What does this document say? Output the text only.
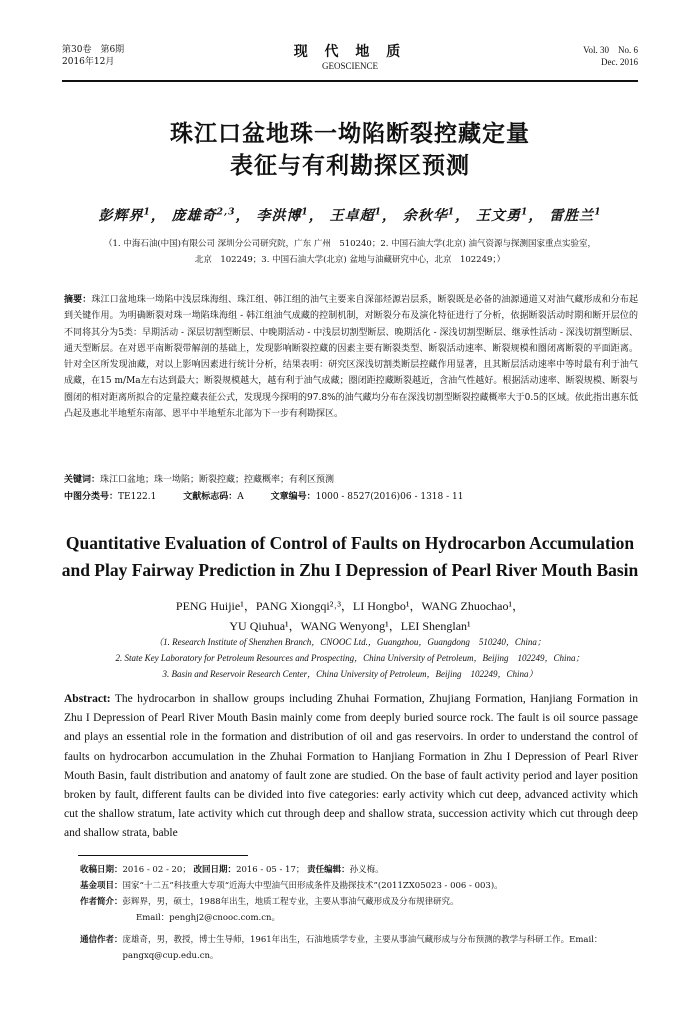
第30卷　第6期
2016年12月
现 代 地 质
GEOSCIENCE
Vol. 30　No. 6
Dec. 2016
珠江口盆地珠一坳陷断裂控藏定量
表征与有利勘探区预测
彭辉界$^1$， 庞雄奇$^{2,3}$， 李洪博$^1$， 王卓超$^1$， 余秋华$^1$， 王文勇$^1$， 雷胜兰$^1$
（1. 中海石油(中国)有限公司 深圳分公司研究院，广东 广州　510240；2. 中国石油大学(北京) 油气资源与探测国家重点实验室，
北京　102249；3. 中国石油大学(北京) 盆地与油藏研究中心，北京　102249；）
摘要：珠江口盆地珠一坳陷中浅层珠海组、珠江组、韩江组的油气主要来自深部烃源岩层系，断裂既是必备的油源通道又对油气藏形成和分布起到关键作用。为明确断裂对珠一坳陷珠海组 - 韩江组油气成藏的控制机制，对断裂分布及演化特征进行了分析，依据断裂活动时期和断开层位的不同将其分为5类：早期活动 - 深层切割型断层、中晚期活动 - 中浅层切割型断层、晚期活化 - 深浅切割型断层、继承性活动 - 深浅切割型断层、通天型断层。在对恩平南断裂带解剖的基础上，发现影响断裂控藏的因素主要有断裂类型、断裂活动速率、断裂规模和圈闭离断裂的平面距离。针对全区所发现油藏，对以上影响因素进行统计分析，结果表明：研究区深浅切割类断层控藏作用显著，且其断层活动速率中等时最有利于油气成藏，在15 m/Ma左右达到最大；断裂规模越大，越有利于油气成藏；圈闭距控藏断裂越近，含油气性越好。根据活动速率、断裂规模、断裂与圈闭的相对距离所拟合的定量控藏表征公式，发现现今探明的97.8%的油气藏均分布在深浅切割型断裂控藏概率大于0.5的区域。依此指出惠东低凸起及惠北半地堑东南部、恩平中半地堑东北部为下一步有利勘探区。
关键词：珠江口盆地；珠一坳陷；断裂控藏；控藏概率；有利区预测
中图分类号：TE122.1	文献标志码：A	文章编号：1000 - 8527(2016)06 - 1318 - 11
Quantitative Evaluation of Control of Faults on Hydrocarbon Accumulation
and Play Fairway Prediction in Zhu I Depression of Pearl River Mouth Basin
PENG Huijie¹，PANG Xiongqi²˒³，LI Hongbo¹，WANG Zhuochao¹，
YU Qiuhua¹，WANG Wenyong¹，LEI Shenglan¹
（1. Research Institute of Shenzhen Branch，CNOOC Ltd.，Guangzhou，Guangdong　510240，China；
2. State Key Laboratory for Petroleum Resources and Prospecting，China University of Petroleum，Beijing　102249，China；
3. Basin and Reservoir Research Center，China University of Petroleum，Beijing　102249，China）
Abstract: The hydrocarbon in shallow groups including Zhuhai Formation, Zhujiang Formation, Hanjiang Formation in Zhu I Depression of Pearl River Mouth Basin mainly come from deeply buried source rock. The fault is oil source passage and plays an essential role in the formation and distribution of oil and gas reservoirs. In order to understand the control of faults on hydrocarbon accumulation in the Zhuhai Formation to Hanjiang Formation in Zhu I Depression of Pearl River Mouth Basin, fault distribution and anatomy of fault zone are studied. On the base of fault activity period and layer position broken by fault, different faults can be divided into five categories: early activity which cut deep, advanced activity which cut the shallow stratum, late activity which cut through deep and shallow strata, succession activity which cut through deep and shallow strata, bable
收稿日期：2016 - 02 - 20； 改回日期：2016 - 05 - 17； 责任编辑：孙义梅。
基金项目： 国家“十二五”科技重大专项“近海大中型油气田形成条件及勘探技术”(2011ZX05023 - 006 - 003)。
作者简介： 彭辉界，男，硕士，1988年出生，地质工程专业，主要从事油气藏形成及分布规律研究。
Email：penghj2@cnooc.com.cn。
通信作者： 庞雄奇，男，教授，博士生导师，1961年出生，石油地质学专业，主要从事油气藏形成与分布预测的教学与科研工作。Email：pangxq@cup.edu.cn。
